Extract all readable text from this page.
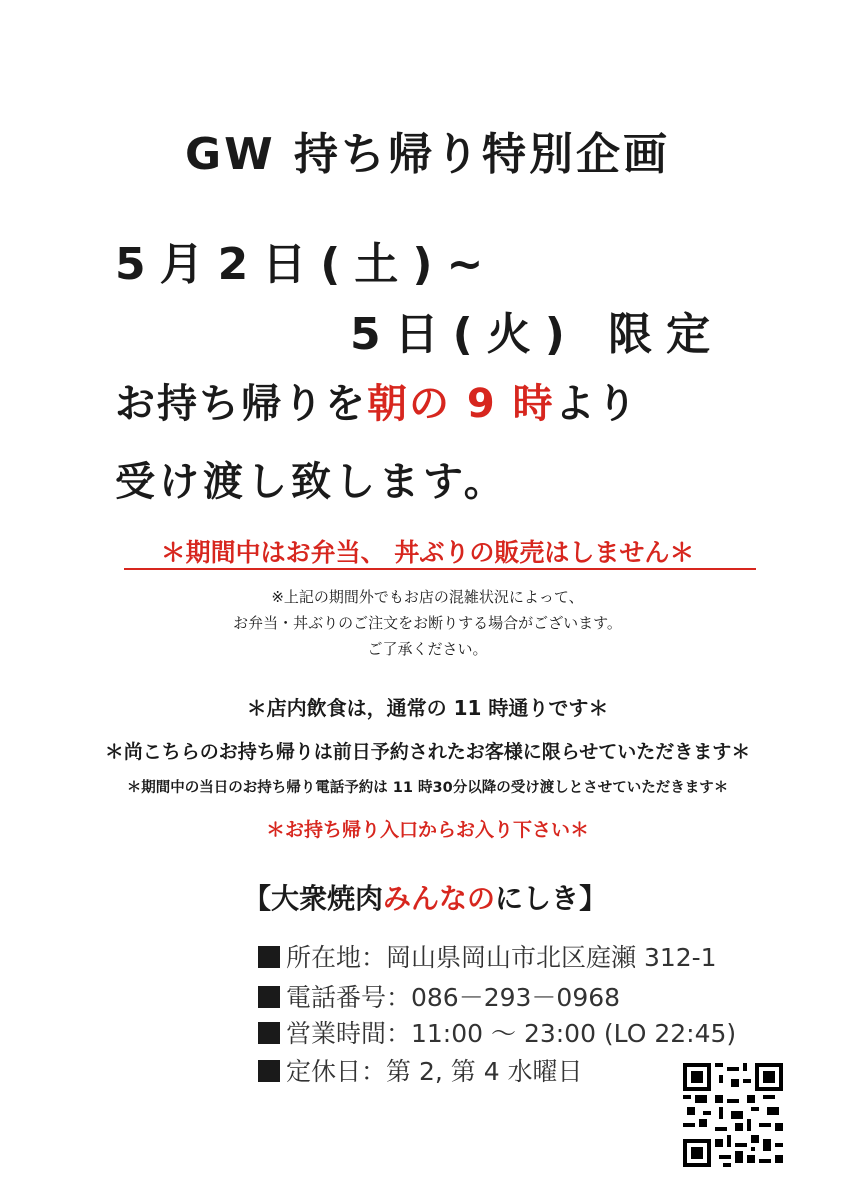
GW 持ち帰り特別企画
5月2日(土)~
5日(火) 限定
お持ち帰りを朝の 9 時より
受け渡し致します。
＊期間中はお弁当、 丼ぶりの販売はしません＊
※上記の期間外でもお店の混雑状況によって、
お弁当・丼ぶりのご注文をお断りする場合がございます。
ご了承ください。
＊店内飲食は，通常の 11 時通りです＊
＊尚こちらのお持ち帰りは前日予約されたお客様に限らせていただきます＊
＊期間中の当日のお持ち帰り電話予約は 11 時30分以降の受け渡しとさせていただきます＊
＊お持ち帰り入口からお入り下さい＊
【大衆焼肉みんなのにしき】
所在地：岡山県岡山市北区庭瀬 312-1
電話番号：086－293－0968
営業時間：11:00 ～ 23:00 (LO 22:45)
定休日：第 2, 第 4 水曜日
